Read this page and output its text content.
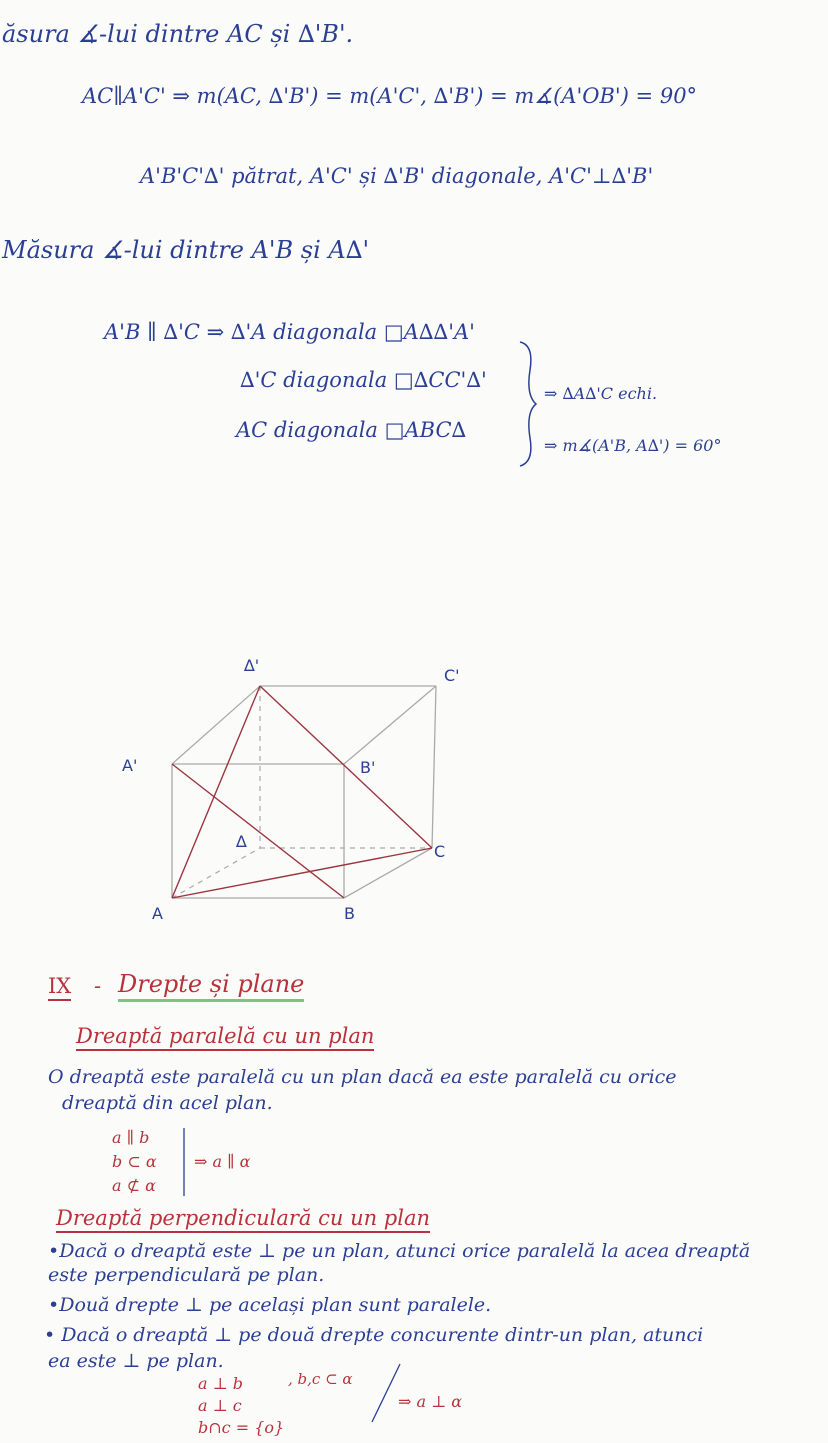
ăsura ∡-lui dintre AC și ∆'B'.
AC∥A'C' ⇒ m(AC, ∆'B') = m(A'C', ∆'B') = m∡(A'OB') = 90°
A'B'C'∆' pătrat, A'C' și ∆'B' diagonale, A'C'⊥∆'B'
Măsura ∡-lui dintre A'B și A∆'
A'B ∥ ∆'C ⇒ ∆'A diagonala □A∆∆'A'
∆'C diagonala □∆CC'∆'
AC diagonala □ABC∆
⇒ ∆A∆'C echi.
⇒ m∡(A'B, A∆') = 60°
∆'
C'
A'	B'
∆
C
A	B
IX - Drepte și plane
Dreaptă paralelă cu un plan
O dreaptă este paralelă cu un plan dacă ea este paralelă cu orice
dreaptă din acel plan.
a ∥ b
b ⊂ α
a ⊄ α
⇒ a ∥ α
Dreaptă perpendiculară cu un plan
•Dacă o dreaptă este ⊥ pe un plan, atunci orice paralelă la acea dreaptă
este perpendiculară pe plan.
•Două drepte ⊥ pe același plan sunt paralele.
• Dacă o dreaptă ⊥ pe două drepte concurente dintr-un plan, atunci
ea este ⊥ pe plan.
a ⊥ b	, b,c ⊂ α
a ⊥ c
b∩c = {o}
⇒ a ⊥ α
